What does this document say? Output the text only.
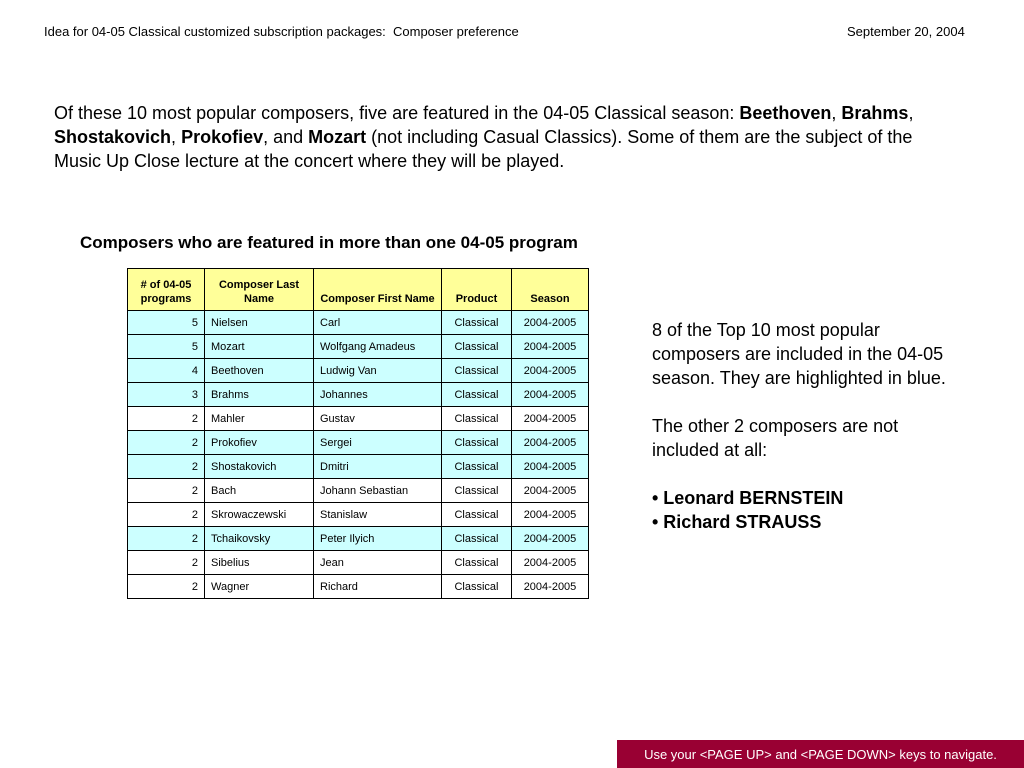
Idea for 04-05 Classical customized subscription packages:  Composer preference	September 20, 2004
Of these 10 most popular composers, five are featured in the 04-05 Classical season: Beethoven, Brahms, Shostakovich, Prokofiev, and Mozart (not including Casual Classics). Some of them are the subject of the Music Up Close lecture at the concert where they will be played.
Composers who are featured in more than one 04-05 program
# of 04-05 programs	Composer Last Name	Composer First Name	Product	Season
5	Nielsen	Carl	Classical	2004-2005
5	Mozart	Wolfgang Amadeus	Classical	2004-2005
4	Beethoven	Ludwig Van	Classical	2004-2005
3	Brahms	Johannes	Classical	2004-2005
2	Mahler	Gustav	Classical	2004-2005
2	Prokofiev	Sergei	Classical	2004-2005
2	Shostakovich	Dmitri	Classical	2004-2005
2	Bach	Johann Sebastian	Classical	2004-2005
2	Skrowaczewski	Stanislaw	Classical	2004-2005
2	Tchaikovsky	Peter Ilyich	Classical	2004-2005
2	Sibelius	Jean	Classical	2004-2005
2	Wagner	Richard	Classical	2004-2005

8 of the Top 10 most popular composers are included in the 04-05 season. They are highlighted in blue.

The other 2 composers are not included at all:

• Leonard BERNSTEIN
• Richard STRAUSS
Use your <PAGE UP> and <PAGE DOWN> keys to navigate.
